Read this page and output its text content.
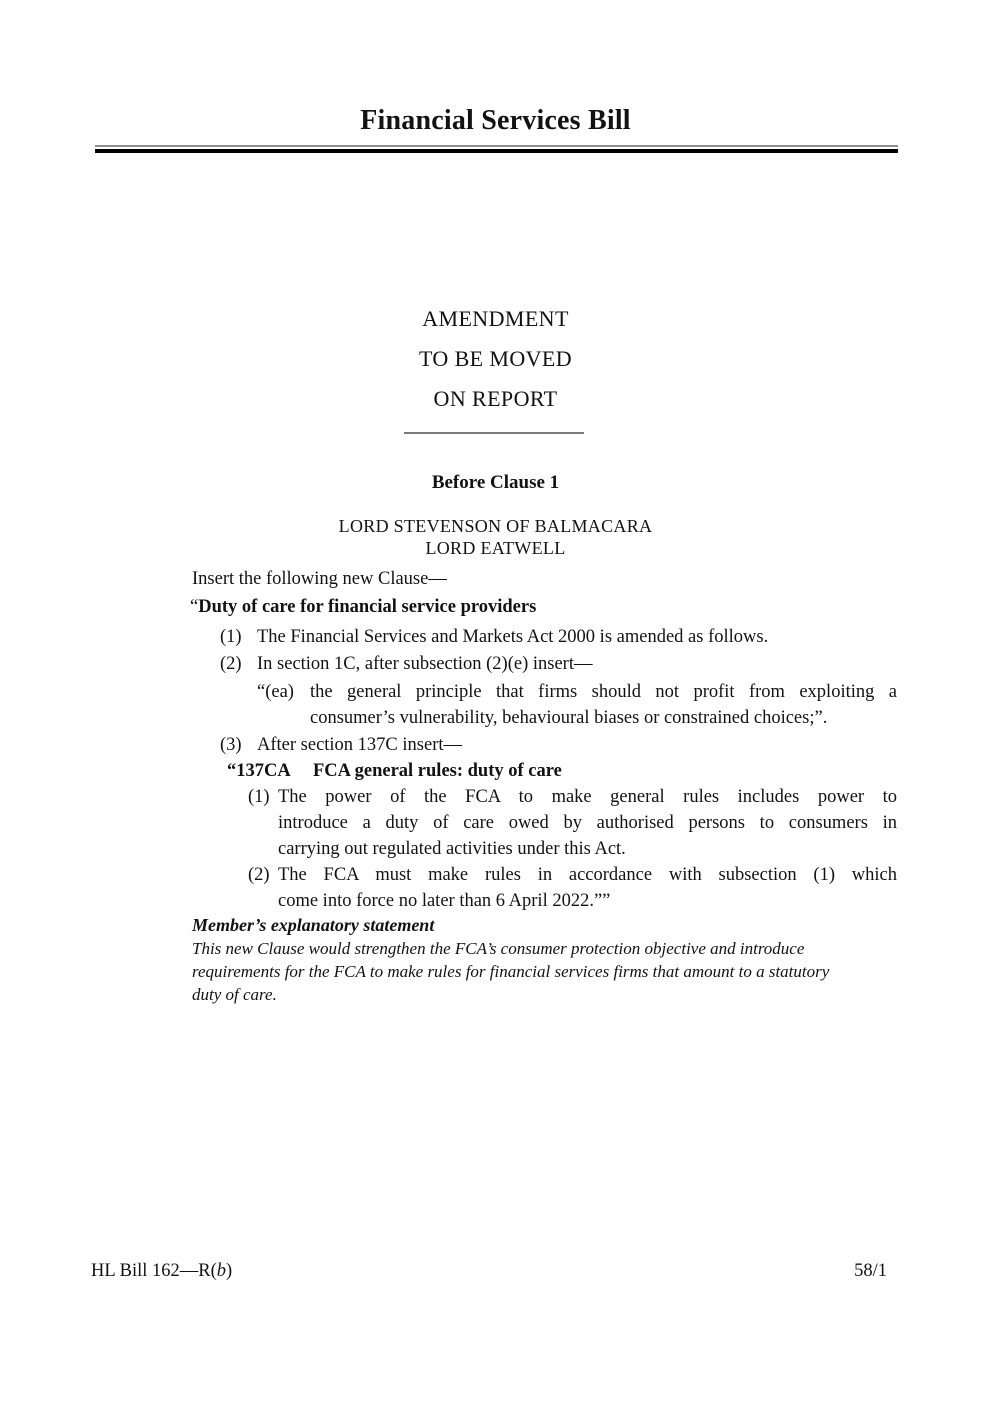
Financial Services Bill
AMENDMENT
TO BE MOVED
ON REPORT
Before Clause 1
LORD STEVENSON OF BALMACARA
LORD EATWELL
Insert the following new Clause—
“Duty of care for financial service providers
(1) The Financial Services and Markets Act 2000 is amended as follows.
(2) In section 1C, after subsection (2)(e) insert—
“(ea) the general principle that firms should not profit from exploiting a
consumer’s vulnerability, behavioural biases or constrained choices;”.
(3) After section 137C insert—
“137CA	FCA general rules: duty of care
(1) The power of the FCA to make general rules includes power to
introduce a duty of care owed by authorised persons to consumers in
carrying out regulated activities under this Act.
(2) The FCA must make rules in accordance with subsection (1) which
come into force no later than 6 April 2022.””
Member’s explanatory statement
This new Clause would strengthen the FCA’s consumer protection objective and introduce
requirements for the FCA to make rules for financial services firms that amount to a statutory
duty of care.
HL Bill 162—R(b)	58/1
